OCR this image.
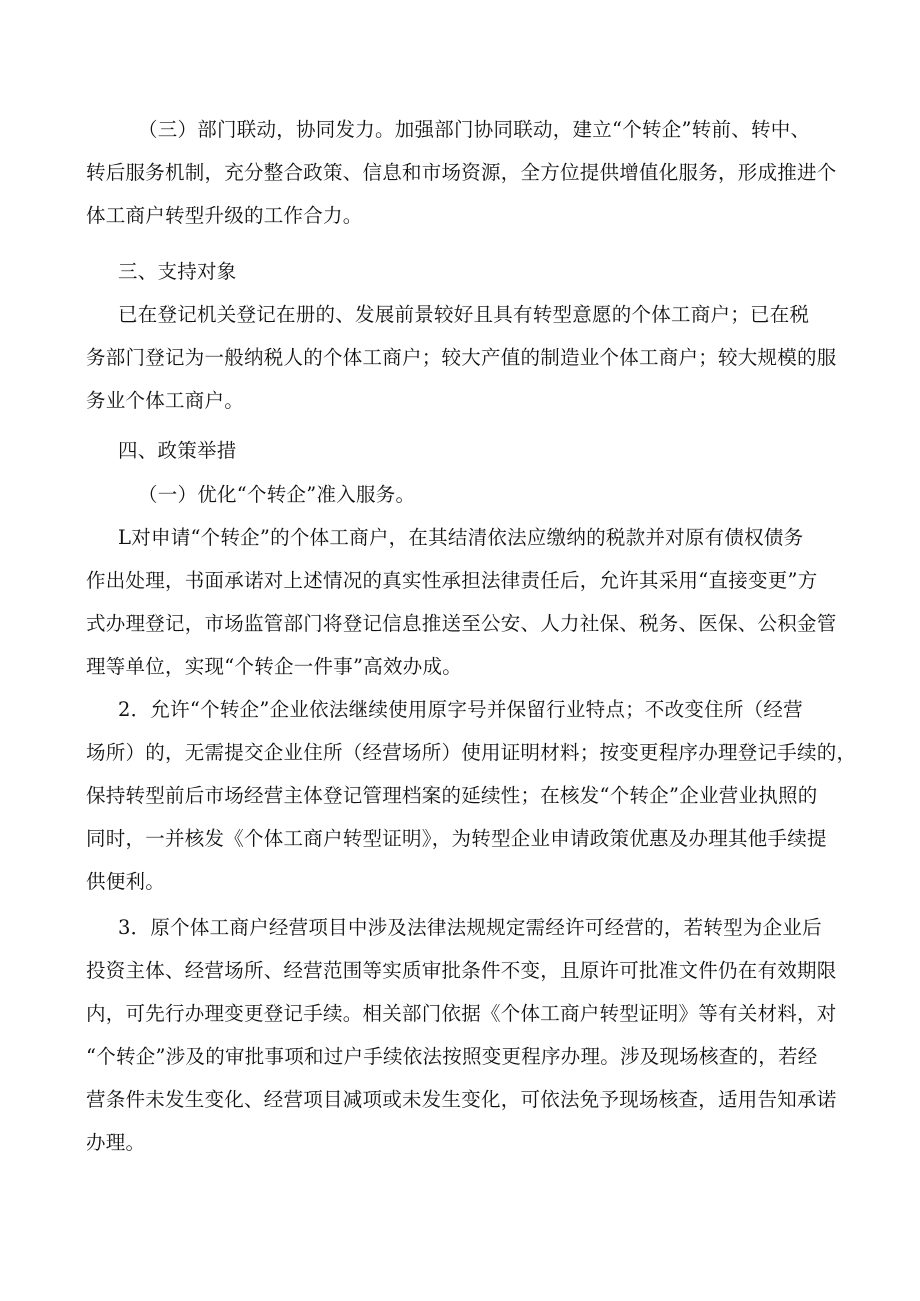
（三）部门联动，协同发力。加强部门协同联动，建立“个转企”转前、转中、
转后服务机制，充分整合政策、信息和市场资源，全方位提供增值化服务，形成推进个
体工商户转型升级的工作合力。
三、支持对象
已在登记机关登记在册的、发展前景较好且具有转型意愿的个体工商户；已在税
务部门登记为一般纳税人的个体工商户；较大产值的制造业个体工商户；较大规模的服
务业个体工商户。
四、政策举措
（一）优化“个转企”准入服务。
L对申请“个转企”的个体工商户，在其结清依法应缴纳的税款并对原有债权债务
作出处理，书面承诺对上述情况的真实性承担法律责任后，允许其采用“直接变更”方
式办理登记，市场监管部门将登记信息推送至公安、人力社保、税务、医保、公积金管
理等单位，实现“个转企一件事”高效办成。
2．允许“个转企”企业依法继续使用原字号并保留行业特点；不改变住所（经营
场所）的，无需提交企业住所（经营场所）使用证明材料；按变更程序办理登记手续的，
保持转型前后市场经营主体登记管理档案的延续性；在核发“个转企”企业营业执照的
同时，一并核发《个体工商户转型证明》，为转型企业申请政策优惠及办理其他手续提
供便利。
3．原个体工商户经营项目中涉及法律法规规定需经许可经营的，若转型为企业后
投资主体、经营场所、经营范围等实质审批条件不变，且原许可批准文件仍在有效期限
内，可先行办理变更登记手续。相关部门依据《个体工商户转型证明》等有关材料，对
“个转企”涉及的审批事项和过户手续依法按照变更程序办理。涉及现场核查的，若经
营条件未发生变化、经营项目减项或未发生变化，可依法免予现场核查，适用告知承诺
办理。
